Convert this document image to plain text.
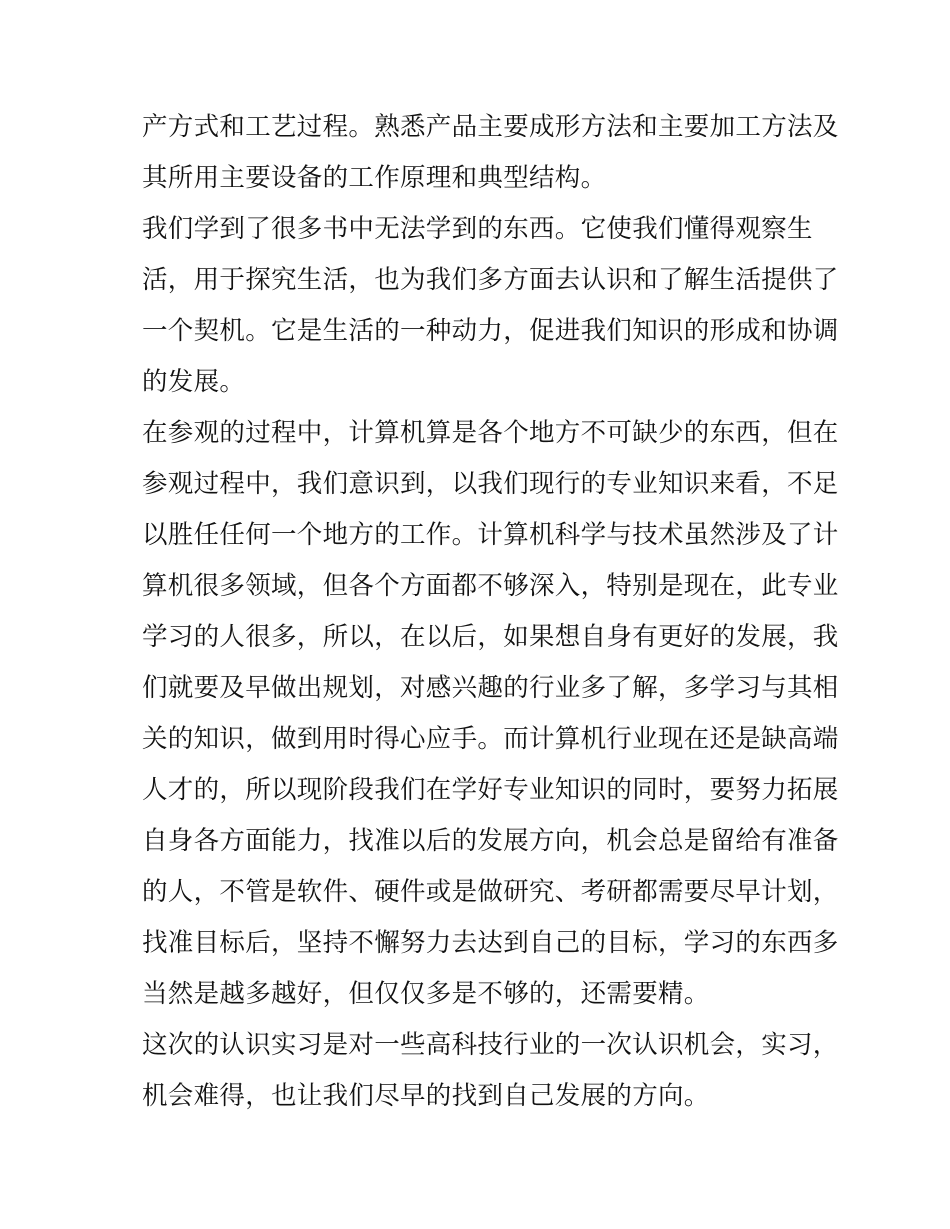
产方式和工艺过程。熟悉产品主要成形方法和主要加工方法及
其所用主要设备的工作原理和典型结构。
我们学到了很多书中无法学到的东西。它使我们懂得观察生
活，用于探究生活，也为我们多方面去认识和了解生活提供了
一个契机。它是生活的一种动力，促进我们知识的形成和协调
的发展。
在参观的过程中，计算机算是各个地方不可缺少的东西，但在
参观过程中，我们意识到，以我们现行的专业知识来看，不足
以胜任任何一个地方的工作。计算机科学与技术虽然涉及了计
算机很多领域，但各个方面都不够深入，特别是现在，此专业
学习的人很多，所以，在以后，如果想自身有更好的发展，我
们就要及早做出规划，对感兴趣的行业多了解，多学习与其相
关的知识，做到用时得心应手。而计算机行业现在还是缺高端
人才的，所以现阶段我们在学好专业知识的同时，要努力拓展
自身各方面能力，找准以后的发展方向，机会总是留给有准备
的人，不管是软件、硬件或是做研究、考研都需要尽早计划，
找准目标后，坚持不懈努力去达到自己的目标，学习的东西多
当然是越多越好，但仅仅多是不够的，还需要精。
这次的认识实习是对一些高科技行业的一次认识机会，实习，
机会难得，也让我们尽早的找到自己发展的方向。
